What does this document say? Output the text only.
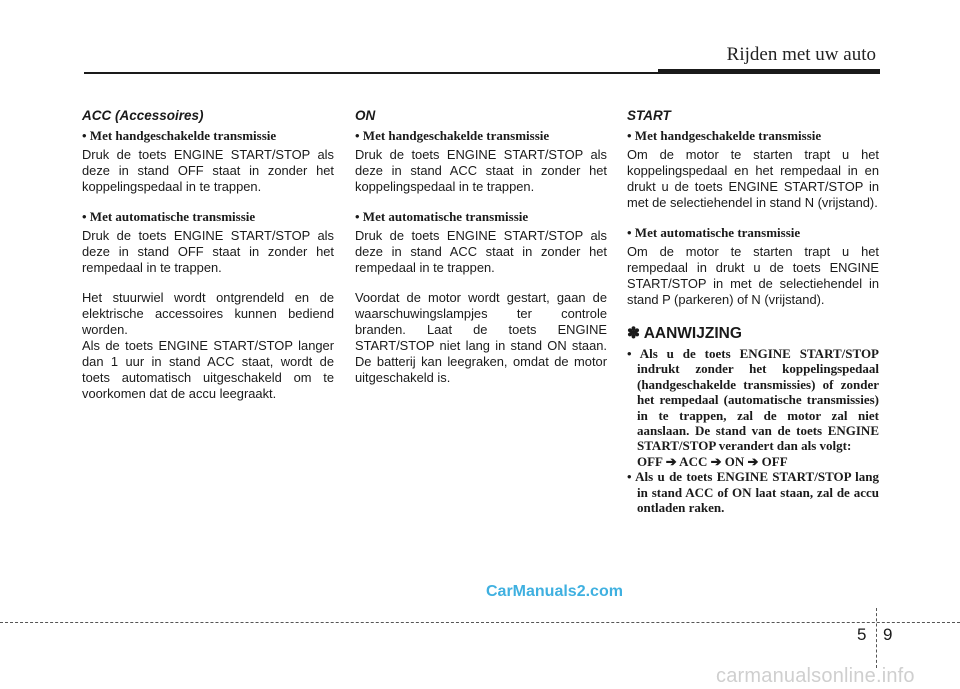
Rijden met uw auto
ACC (Accessoires)
• Met handgeschakelde transmissie

Druk de toets ENGINE START/STOP als deze in stand OFF staat in zonder het koppelingspedaal in te trappen.

• Met automatische transmissie

Druk de toets ENGINE START/STOP als deze in stand OFF staat in zonder het rempedaal in te trappen.

Het stuurwiel wordt ontgrendeld en de elektrische accessoires kunnen bediend worden.

Als de toets ENGINE START/STOP langer dan 1 uur in stand ACC staat, wordt de toets automatisch uitgeschakeld om te voorkomen dat de accu leegraakt.

ON
• Met handgeschakelde transmissie

Druk de toets ENGINE START/STOP als deze in stand ACC staat in zonder het koppelingspedaal in te trappen.

• Met automatische transmissie

Druk de toets ENGINE START/STOP als deze in stand ACC staat in zonder het rempedaal in te trappen.

Voordat de motor wordt gestart, gaan de waarschuwingslampjes ter controle branden. Laat de toets ENGINE START/STOP niet lang in stand ON staan. De batterij kan leegraken, omdat de motor uitgeschakeld is.

START
• Met handgeschakelde transmissie

Om de motor te starten trapt u het koppelingspedaal en het rempedaal in en drukt u de toets ENGINE START/STOP in met de selectiehendel in stand N (vrijstand).

• Met automatische transmissie

Om de motor te starten trapt u het rempedaal in drukt u de toets ENGINE START/STOP in met de selectiehendel in stand P (parkeren) of N (vrijstand).

✽ AANWIJZING
• Als u de toets ENGINE START/STOP indrukt zonder het koppelingspedaal (handgeschakelde transmissies) of zonder het rempedaal (automatische transmissies) in te trappen, zal de motor zal niet aanslaan. De stand van de toets ENGINE START/STOP verandert dan als volgt:
OFF ➔ ACC ➔ ON ➔ OFF
• Als u de toets ENGINE START/STOP lang in stand ACC of ON laat staan, zal de accu ontladen raken.
CarManuals2.com
5 9
carmanualsonline.info
